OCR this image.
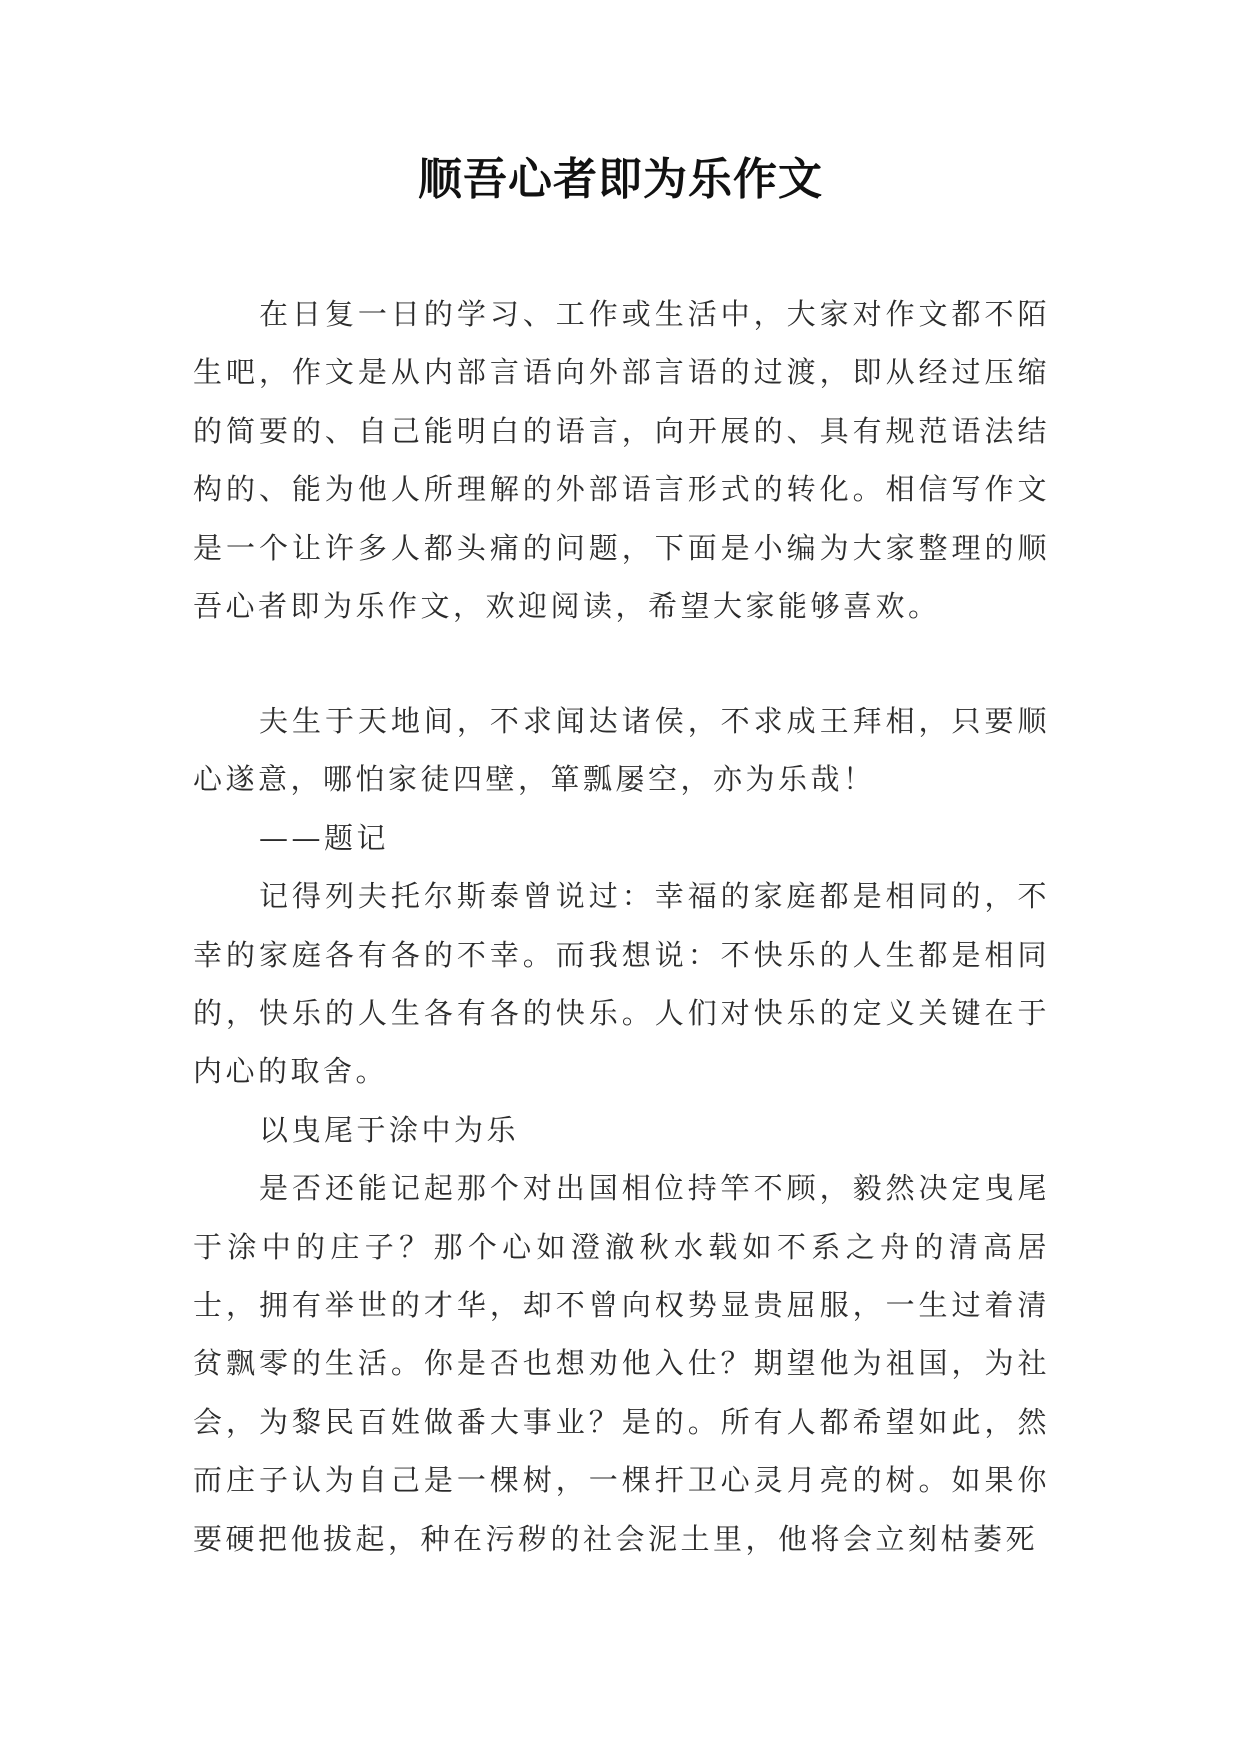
顺吾心者即为乐作文

在日复一日的学习、工作或生活中，大家对作文都不陌生吧，作文是从内部言语向外部言语的过渡，即从经过压缩的简要的、自己能明白的语言，向开展的、具有规范语法结构的、能为他人所理解的外部语言形式的转化。相信写作文是一个让许多人都头痛的问题，下面是小编为大家整理的顺吾心者即为乐作文，欢迎阅读，希望大家能够喜欢。

夫生于天地间，不求闻达诸侯，不求成王拜相，只要顺心遂意，哪怕家徒四壁，箪瓢屡空，亦为乐哉！

——题记

记得列夫托尔斯泰曾说过：幸福的家庭都是相同的，不幸的家庭各有各的不幸。而我想说：不快乐的人生都是相同的，快乐的人生各有各的快乐。人们对快乐的定义关键在于内心的取舍。

以曳尾于涂中为乐

是否还能记起那个对出国相位持竿不顾，毅然决定曳尾于涂中的庄子？那个心如澄澈秋水载如不系之舟的清高居士，拥有举世的才华，却不曾向权势显贵屈服，一生过着清贫飘零的生活。你是否也想劝他入仕？期望他为祖国，为社会，为黎民百姓做番大事业？是的。所有人都希望如此，然而庄子认为自己是一棵树，一棵扞卫心灵月亮的树。如果你要硬把他拔起，种在污秽的社会泥土里，他将会立刻枯萎死
